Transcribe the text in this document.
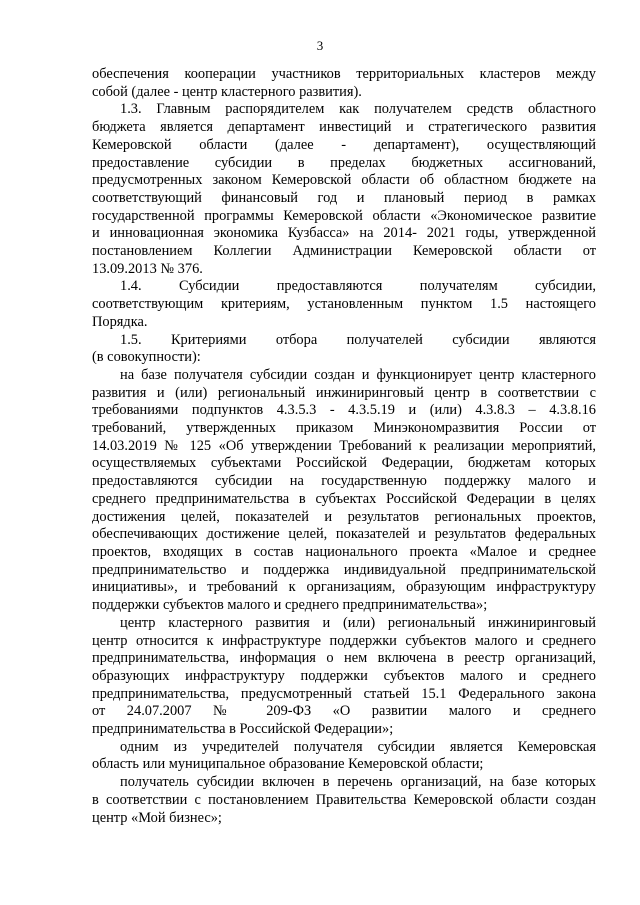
3
обеспечения кооперации участников территориальных кластеров между
собой (далее - центр кластерного развития).
1.3. Главным распорядителем как получателем средств областного
бюджета является департамент инвестиций и стратегического развития
Кемеровской области (далее - департамент), осуществляющий
предоставление субсидии в пределах бюджетных ассигнований,
предусмотренных законом Кемеровской области об областном бюджете на
соответствующий финансовый год и плановый период в рамках
государственной программы Кемеровской области «Экономическое развитие
и инновационная экономика Кузбасса» на 2014- 2021 годы, утвержденной
постановлением Коллегии Администрации Кемеровской области от
13.09.2013 № 376.
1.4. Субсидии предоставляются получателям субсидии,
соответствующим критериям, установленным пунктом 1.5 настоящего
Порядка.
1.5. Критериями отбора получателей субсидии являются
(в совокупности):
на базе получателя субсидии создан и функционирует центр кластерного
развития и (или) региональный инжиниринговый центр в соответствии с
требованиями подпунктов 4.3.5.3 - 4.3.5.19 и (или) 4.3.8.3 – 4.3.8.16
требований, утвержденных приказом Минэкономразвития России от
14.03.2019 № 125 «Об утверждении Требований к реализации мероприятий,
осуществляемых субъектами Российской Федерации, бюджетам которых
предоставляются субсидии на государственную поддержку малого и
среднего предпринимательства в субъектах Российской Федерации в целях
достижения целей, показателей и результатов региональных проектов,
обеспечивающих достижение целей, показателей и результатов федеральных
проектов, входящих в состав национального проекта «Малое и среднее
предпринимательство и поддержка индивидуальной предпринимательской
инициативы», и требований к организациям, образующим инфраструктуру
поддержки субъектов малого и среднего предпринимательства»;
центр кластерного развития и (или) региональный инжиниринговый
центр относится к инфраструктуре поддержки субъектов малого и среднего
предпринимательства, информация о нем включена в реестр организаций,
образующих инфраструктуру поддержки субъектов малого и среднего
предпринимательства, предусмотренный статьей 15.1 Федерального закона
от 24.07.2007 № 209-ФЗ «О развитии малого и среднего
предпринимательства в Российской Федерации»;
одним из учредителей получателя субсидии является Кемеровская
область или муниципальное образование Кемеровской области;
получатель субсидии включен в перечень организаций, на базе которых
в соответствии с постановлением Правительства Кемеровской области создан
центр «Мой бизнес»;
